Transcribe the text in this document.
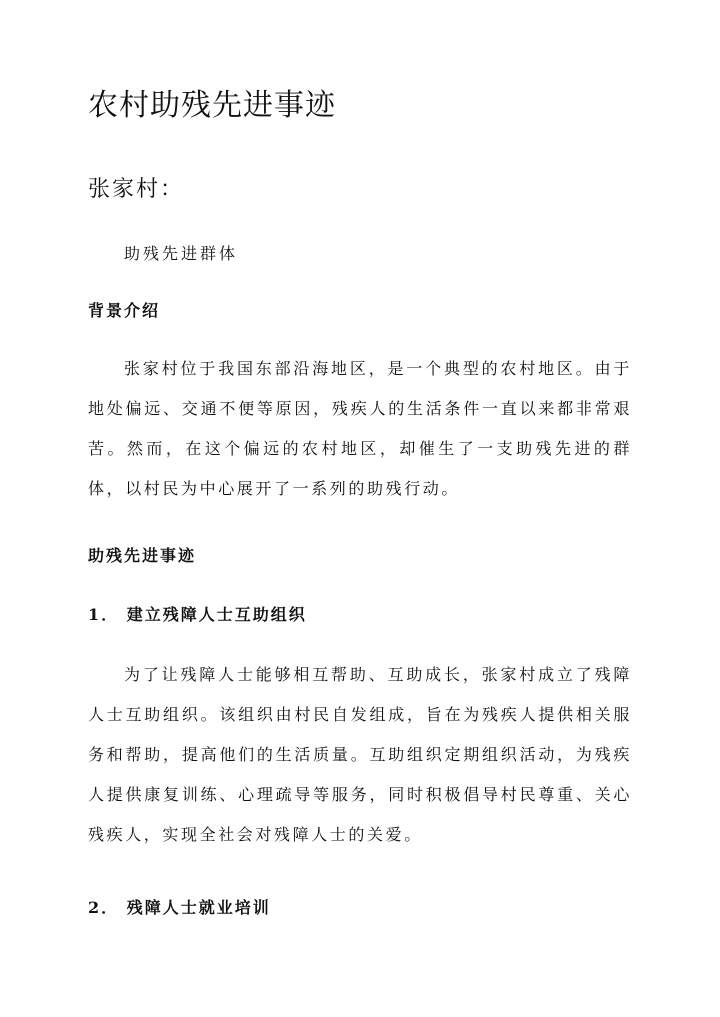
农村助残先进事迹
张家村：

助残先进群体

背景介绍

张家村位于我国东部沿海地区，是一个典型的农村地区。由于地处偏远、交通不便等原因，残疾人的生活条件一直以来都非常艰苦。然而，在这个偏远的农村地区，却催生了一支助残先进的群体，以村民为中心展开了一系列的助残行动。

助残先进事迹
1． 建立残障人士互助组织

为了让残障人士能够相互帮助、互助成长，张家村成立了残障人士互助组织。该组织由村民自发组成，旨在为残疾人提供相关服务和帮助，提高他们的生活质量。互助组织定期组织活动，为残疾人提供康复训练、心理疏导等服务，同时积极倡导村民尊重、关心残疾人，实现全社会对残障人士的关爱。

2． 残障人士就业培训
